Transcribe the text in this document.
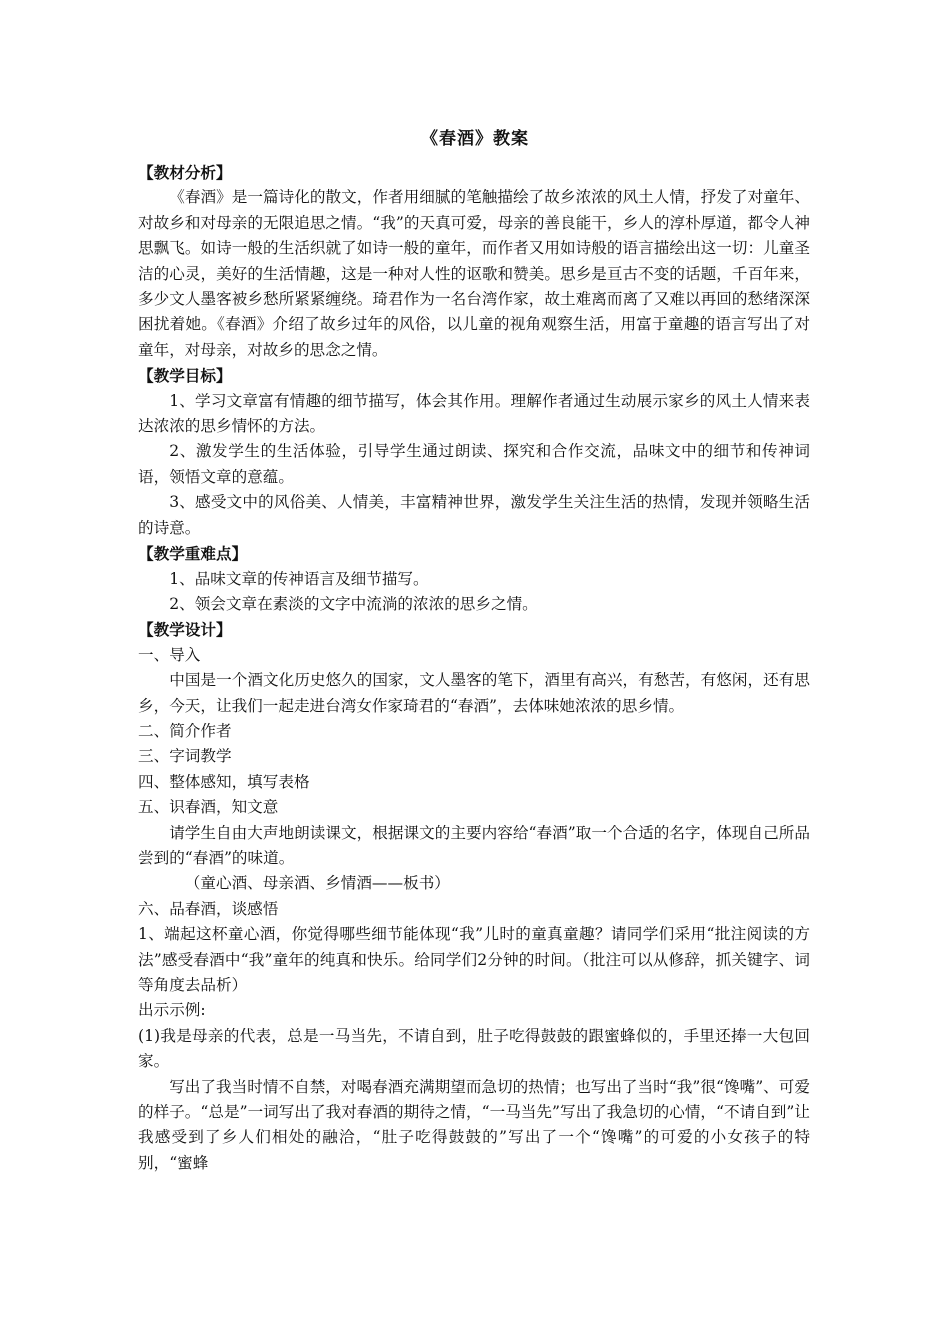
《春酒》教案

【教材分析】

《春酒》是一篇诗化的散文，作者用细腻的笔触描绘了故乡浓浓的风土人情，抒发了对童年、对故乡和对母亲的无限追思之情。“我”的天真可爱，母亲的善良能干，乡人的淳朴厚道，都令人神思飘飞。如诗一般的生活织就了如诗一般的童年，而作者又用如诗般的语言描绘出这一切：儿童圣洁的心灵，美好的生活情趣，这是一种对人性的讴歌和赞美。思乡是亘古不变的话题，千百年来，多少文人墨客被乡愁所紧紧缠绕。琦君作为一名台湾作家，故土难离而离了又难以再回的愁绪深深困扰着她。《春酒》介绍了故乡过年的风俗，以儿童的视角观察生活，用富于童趣的语言写出了对童年，对母亲，对故乡的思念之情。

【教学目标】

1、学习文章富有情趣的细节描写，体会其作用。理解作者通过生动展示家乡的风土人情来表达浓浓的思乡情怀的方法。

2、激发学生的生活体验，引导学生通过朗读、探究和合作交流，品味文中的细节和传神词语，领悟文章的意蕴。

3、感受文中的风俗美、人情美，丰富精神世界，激发学生关注生活的热情，发现并领略生活的诗意。

【教学重难点】

1、品味文章的传神语言及细节描写。

2、领会文章在素淡的文字中流淌的浓浓的思乡之情。

【教学设计】

一、导入

中国是一个酒文化历史悠久的国家，文人墨客的笔下，酒里有高兴，有愁苦，有悠闲，还有思乡，今天，让我们一起走进台湾女作家琦君的“春酒”，去体味她浓浓的思乡情。

二、简介作者

三、字词教学

四、整体感知，填写表格

五、识春酒，知文意

请学生自由大声地朗读课文，根据课文的主要内容给“春酒”取一个合适的名字，体现自己所品尝到的“春酒”的味道。

（童心酒、母亲酒、乡情酒——板书）

六、品春酒，谈感悟

1、端起这杯童心酒，你觉得哪些细节能体现“我”儿时的童真童趣？请同学们采用“批注阅读的方法”感受春酒中“我”童年的纯真和快乐。给同学们2分钟的时间。（批注可以从修辞，抓关键字、词等角度去品析）

出示示例:

(1)我是母亲的代表，总是一马当先，不请自到，肚子吃得鼓鼓的跟蜜蜂似的，手里还捧一大包回家。

写出了我当时情不自禁，对喝春酒充满期望而急切的热情；也写出了当时“我”很“馋嘴”、可爱的样子。“总是”一词写出了我对春酒的期待之情，“一马当先”写出了我急切的心情，“不请自到”让我感受到了乡人们相处的融洽，“肚子吃得鼓鼓的”写出了一个“馋嘴”的可爱的小女孩子的特别，“蜜蜂
